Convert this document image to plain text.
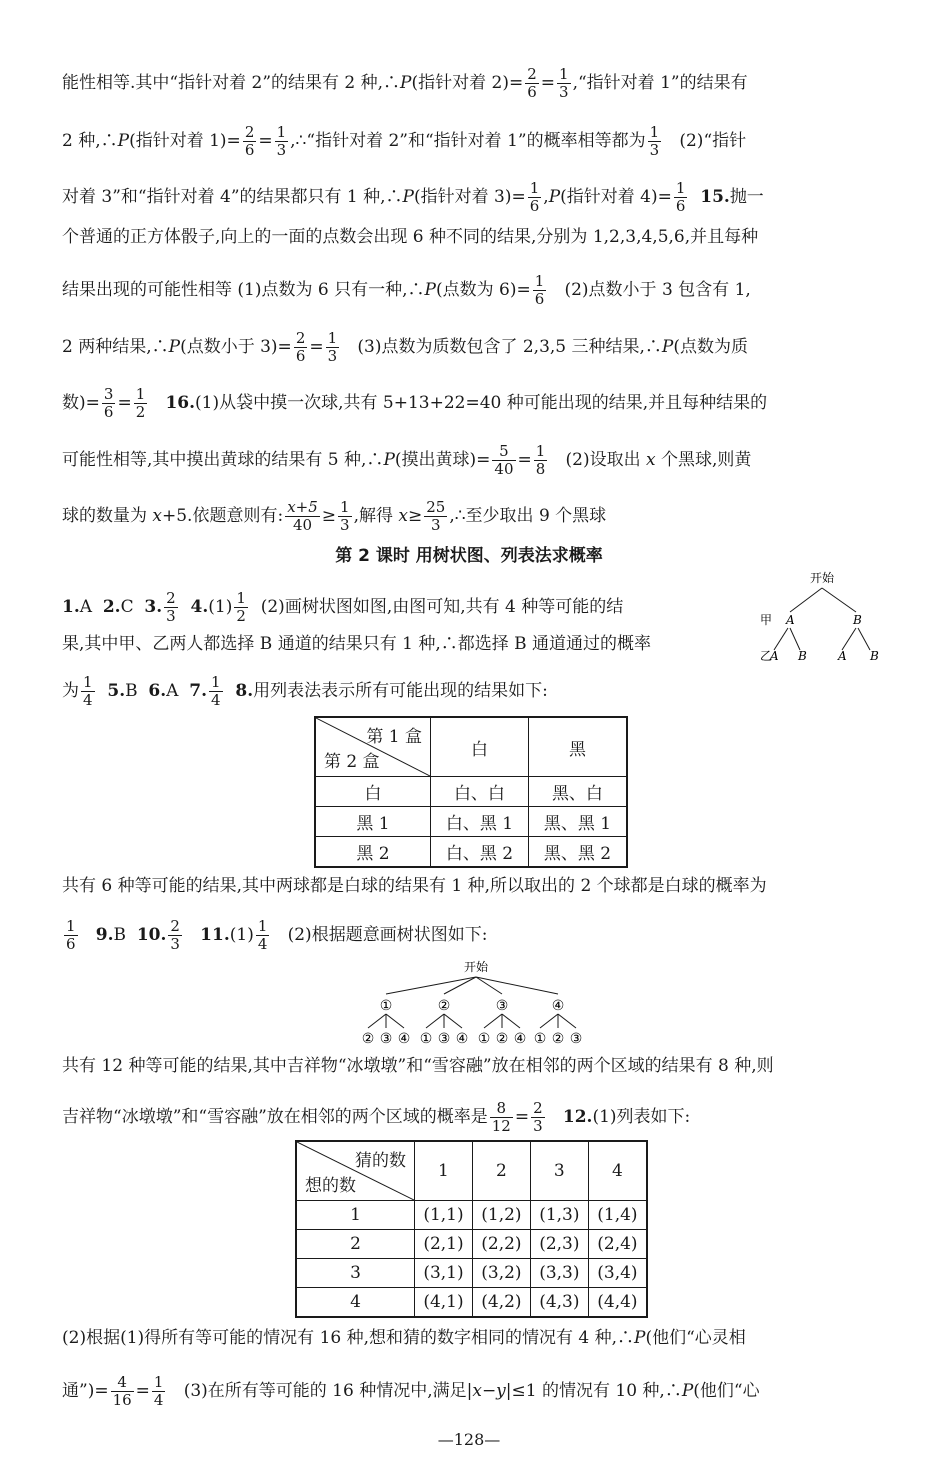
能性相等.其中“指针对着 2”的结果有 2 种,∴P(指针对着 $2)= \frac{2}{6} = \frac{1}{3}$ ,“指针对着 1”的结果有
2 种,∴P(指针对着 $1)= \frac{2}{6} = \frac{1}{3}$ ,∴“指针对着 2”和“指针对着 1”的概率相等都为 $\frac{1}{3}$ (2)“指针
对着 3”和“指针对着 4”的结果都只有 1 种,∴P(指针对着 $3)= \frac{1}{6} ,P$(指针对着 $4)= \frac{1}{6} 15$.抛一
个普通的正方体骰子,向上的一面的点数会出现 6 种不同的结果,分别为 1,2,3,4,5,6,并且每种
结果出现的可能性相等 (1)点数为 6 只有一种,∴P(点数为 $6)= \frac{1}{6} (2)$点数小于 3 包含有 1,
2 两种结果,∴P(点数小于 $3)= \frac{2}{6} = \frac{1}{3} (3)$点数为质数包含了 2,3,5 三种结果,∴P(点数为质
数)= $\frac{3}{6} = \frac{1}{2} 16.(1)$从袋中摸一次球,共有 5+13+22=40 种可能出现的结果,并且每种结果的
可能性相等,其中摸出黄球的结果有 5 种,∴P(摸出黄球)= $\frac{5}{40} = \frac{1}{8} (2)$设取出 x 个黑球,则黄
球的数量为 x+5.依题意则有: $\frac{x+5}{40} \ge \frac{1}{3}$ ,解得 $x\ge \frac{25}{3}$ ,∴至少取出 9 个黑球
第 2 课时 用树状图、列表法求概率
1.A 2.C 3. $\frac{2}{3} 4.(1) \frac{1}{2} (2)$画树状图如图,由图可知,共有 4 种等可能的结
果,其中甲、乙两人都选择 B 通道的结果只有 1 种,∴都选择 B 通道通过的概率
为 $\frac{1}{4} 5.B$ 6.A 7. $\frac{1}{4} 8$.用列表法表示所有可能出现的结果如下:
开始
甲 A	B
乙
A B	A B
第 1 盒
第 2 盒	白	黑
白	白、白	黑、白
黑 1	白、黑 1	黑、黑 1
黑 2	白、黑 2	黑、黑 2
共有 6 种等可能的结果,其中两球都是白球的结果有 1 种,所以取出的 2 个球都是白球的概率为
$\frac{1}{6} 9.B$ 10. $\frac{2}{3} 11.(1) \frac{1}{4} (2)$根据题意画树状图如下:
开始
①	②	③	④
② ③ ④ ① ③ ④ ① ② ④ ① ② ③
共有 12 种等可能的结果,其中吉祥物“冰墩墩”和“雪容融”放在相邻的两个区域的结果有 8 种,则
吉祥物“冰墩墩”和“雪容融”放在相邻的两个区域的概率是 $\frac{8}{12} = \frac{2}{3} 12.(1)$列表如下:
猜的数
想的数	1	2	3	4
1	(1,1)	(1,2)	(1,3)	(1,4)
2	(2,1)	(2,2)	(2,3)	(2,4)
3	(3,1)	(3,2)	(3,3)	(3,4)
4	(4,1)	(4,2)	(4,3)	(4,4)
(2)根据(1)得所有等可能的情况有 16 种,想和猜的数字相同的情况有 4 种,∴P(他们“心灵相
通”)= $\frac{4}{16} = \frac{1}{4} (3)$在所有等可能的 16 种情况中,满足|x−y|≤1 的情况有 10 种,∴P(他们“心
—128—
